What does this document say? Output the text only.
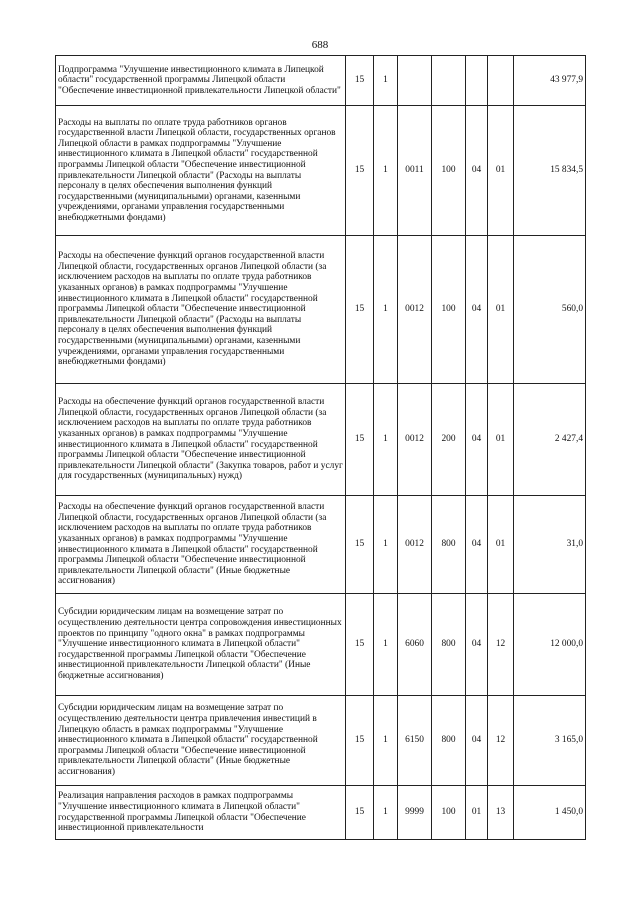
688
Подпрограмма "Улучшение инвестиционного климата в Липецкой области" государственной программы Липецкой области "Обеспечение инвестиционной привлекательности Липецкой области"	15	1					43 977,9
Расходы на выплаты по оплате труда работников органов государственной власти Липецкой области, государственных органов Липецкой области в рамках подпрограммы "Улучшение инвестиционного климата в Липецкой области" государственной программы Липецкой области "Обеспечение инвестиционной привлекательности Липецкой области" (Расходы на выплаты персоналу в целях обеспечения выполнения функций государственными (муниципальными) органами, казенными учреждениями, органами управления государственными внебюджетными фондами)	15	1	0011	100	04	01	15 834,5
Расходы на обеспечение функций органов государственной власти Липецкой области, государственных органов Липецкой области (за исключением расходов на выплаты по оплате труда работников указанных органов) в рамках подпрограммы "Улучшение инвестиционного климата в Липецкой области" государственной программы Липецкой области "Обеспечение инвестиционной привлекательности Липецкой области" (Расходы на выплаты персоналу в целях обеспечения выполнения функций государственными (муниципальными) органами, казенными учреждениями, органами управления государственными внебюджетными фондами)	15	1	0012	100	04	01	560,0
Расходы на обеспечение функций органов государственной власти Липецкой области, государственных органов Липецкой области (за исключением расходов на выплаты по оплате труда работников указанных органов) в рамках подпрограммы "Улучшение инвестиционного климата в Липецкой области" государственной программы Липецкой области "Обеспечение инвестиционной привлекательности Липецкой области" (Закупка товаров, работ и услуг для государственных (муниципальных) нужд)	15	1	0012	200	04	01	2 427,4
Расходы на обеспечение функций органов государственной власти Липецкой области, государственных органов Липецкой области (за исключением расходов на выплаты по оплате труда работников указанных органов) в рамках подпрограммы "Улучшение инвестиционного климата в Липецкой области" государственной программы Липецкой области "Обеспечение инвестиционной привлекательности Липецкой области" (Иные бюджетные ассигнования)	15	1	0012	800	04	01	31,0
Субсидии юридическим лицам на возмещение затрат по осуществлению деятельности центра сопровождения инвестиционных проектов по принципу "одного окна" в рамках подпрограммы "Улучшение инвестиционного климата в Липецкой области" государственной программы Липецкой области "Обеспечение инвестиционной привлекательности Липецкой области" (Иные бюджетные ассигнования)	15	1	6060	800	04	12	12 000,0
Субсидии юридическим лицам на возмещение затрат по осуществлению деятельности центра привлечения инвестиций в Липецкую область в рамках подпрограммы "Улучшение инвестиционного климата в Липецкой области" государственной программы Липецкой области "Обеспечение инвестиционной привлекательности Липецкой области" (Иные бюджетные ассигнования)	15	1	6150	800	04	12	3 165,0
Реализация направления расходов в рамках подпрограммы "Улучшение инвестиционного климата в Липецкой области" государственной программы Липецкой области "Обеспечение инвестиционной привлекательности	15	1	9999	100	01	13	1 450,0
